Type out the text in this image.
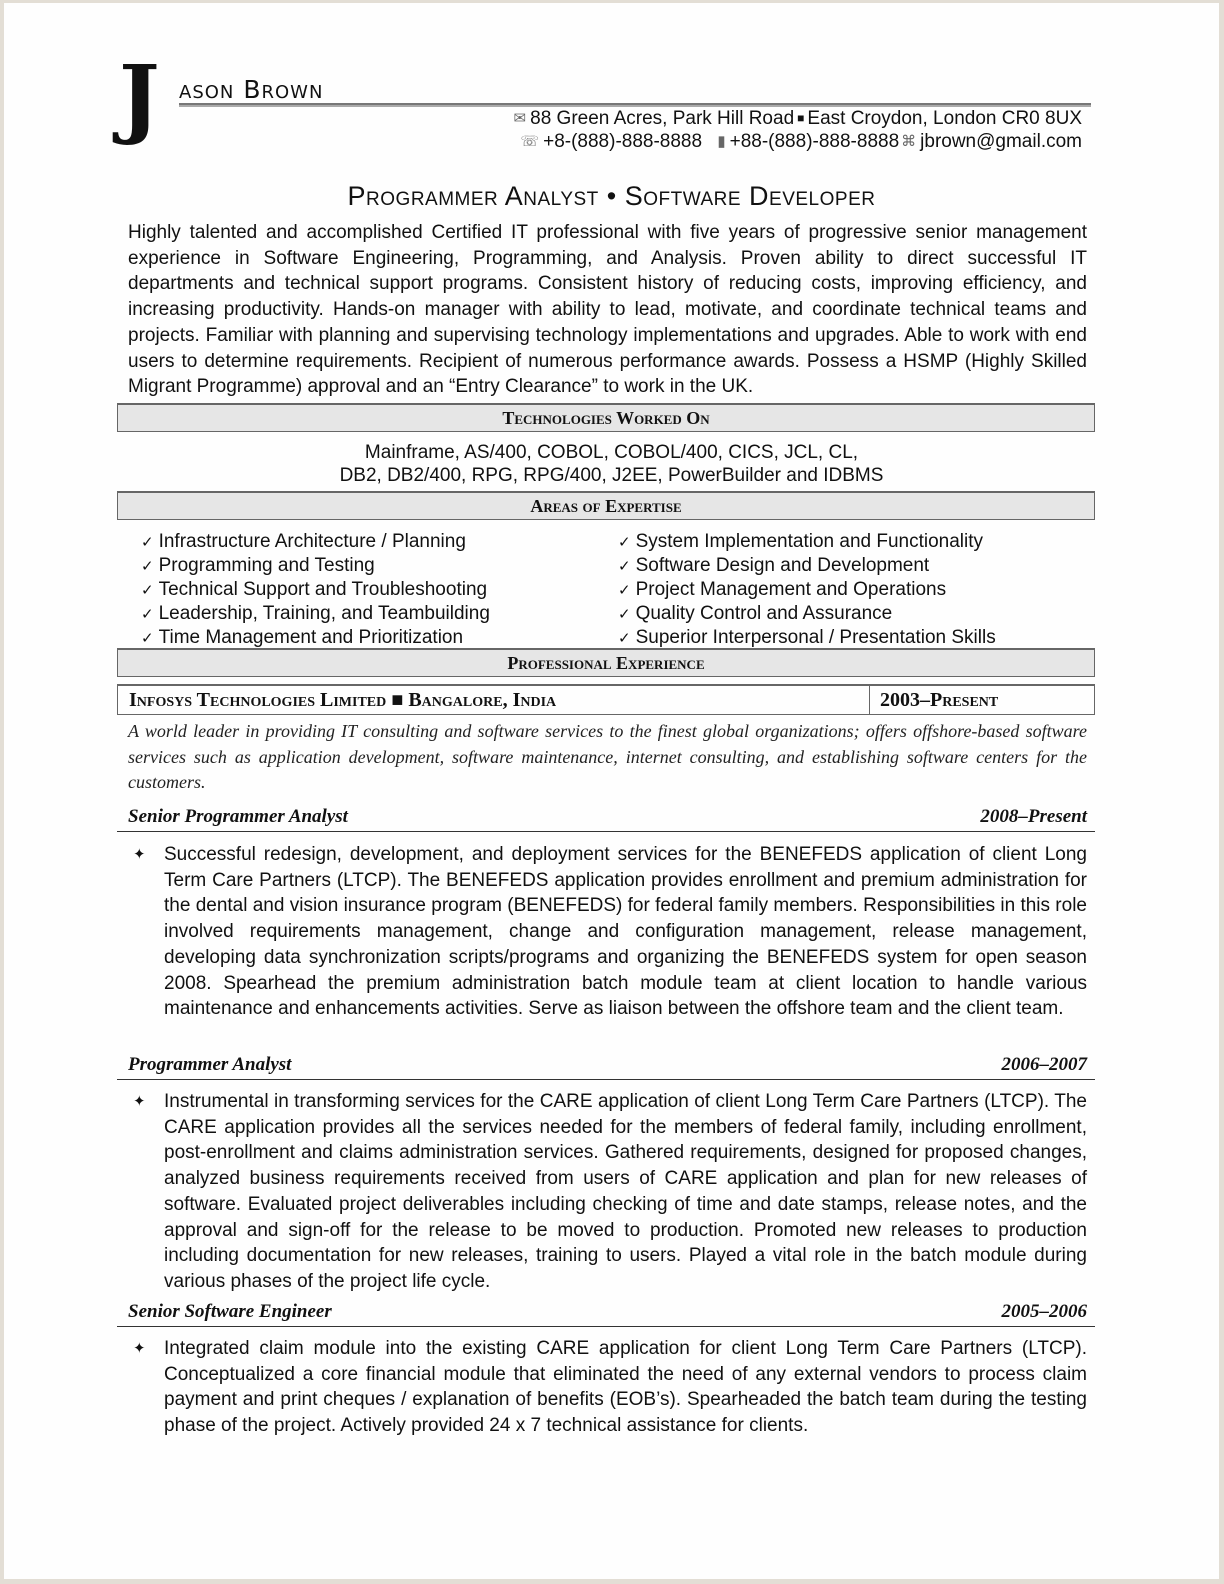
J ason Brown
✉ 88 Green Acres, Park Hill Road ■ East Croydon, London CR0 8UX
☏ +8-(888)-888-8888 ▮ +88-(888)-888-8888 ⌘ jbrown@gmail.com
Programmer Analyst • Software Developer
Highly talented and accomplished Certified IT professional with five years of progressive senior management experience in Software Engineering, Programming, and Analysis. Proven ability to direct successful IT departments and technical support programs. Consistent history of reducing costs, improving efficiency, and increasing productivity. Hands-on manager with ability to lead, motivate, and coordinate technical teams and projects. Familiar with planning and supervising technology implementations and upgrades. Able to work with end users to determine requirements. Recipient of numerous performance awards. Possess a HSMP (Highly Skilled Migrant Programme) approval and an “Entry Clearance” to work in the UK.
Technologies Worked On
Mainframe, AS/400, COBOL, COBOL/400, CICS, JCL, CL,
DB2, DB2/400, RPG, RPG/400, J2EE, PowerBuilder and IDBMS
Areas of Expertise
✓ Infrastructure Architecture / Planning
✓ Programming and Testing
✓ Technical Support and Troubleshooting
✓ Leadership, Training, and Teambuilding
✓ Time Management and Prioritization
✓ System Implementation and Functionality
✓ Software Design and Development
✓ Project Management and Operations
✓ Quality Control and Assurance
✓ Superior Interpersonal / Presentation Skills
Professional Experience
Infosys Technologies Limited ■ Bangalore, India	2003–Present
A world leader in providing IT consulting and software services to the finest global organizations; offers offshore-based software services such as application development, software maintenance, internet consulting, and establishing software centers for the customers.
Senior Programmer Analyst	2008–Present
✦ Successful redesign, development, and deployment services for the BENEFEDS application of client Long Term Care Partners (LTCP). The BENEFEDS application provides enrollment and premium administration for the dental and vision insurance program (BENEFEDS) for federal family members. Responsibilities in this role involved requirements management, change and configuration management, release management, developing data synchronization scripts/programs and organizing the BENEFEDS system for open season 2008. Spearhead the premium administration batch module team at client location to handle various maintenance and enhancements activities. Serve as liaison between the offshore team and the client team.
Programmer Analyst	2006–2007
✦ Instrumental in transforming services for the CARE application of client Long Term Care Partners (LTCP). The CARE application provides all the services needed for the members of federal family, including enrollment, post-enrollment and claims administration services. Gathered requirements, designed for proposed changes, analyzed business requirements received from users of CARE application and plan for new releases of software. Evaluated project deliverables including checking of time and date stamps, release notes, and the approval and sign-off for the release to be moved to production. Promoted new releases to production including documentation for new releases, training to users. Played a vital role in the batch module during various phases of the project life cycle.
Senior Software Engineer	2005–2006
✦ Integrated claim module into the existing CARE application for client Long Term Care Partners (LTCP). Conceptualized a core financial module that eliminated the need of any external vendors to process claim payment and print cheques / explanation of benefits (EOB’s). Spearheaded the batch team during the testing phase of the project. Actively provided 24 x 7 technical assistance for clients.
